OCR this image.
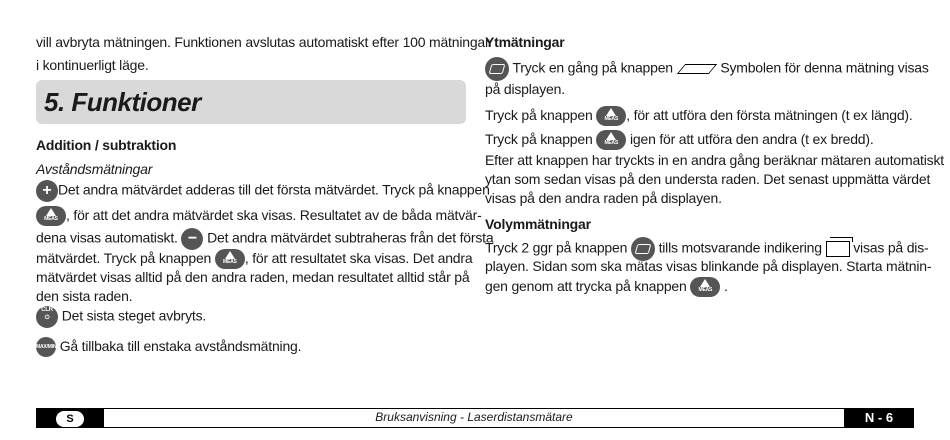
vill avbryta mätningen. Funktionen avslutas automatiskt efter 100 mätningar
i kontinuerligt läge.
5. Funktioner
Addition / subtraktion
Avståndsmätningar
+ Det andra mätvärdet adderas till det första mätvärdet. Tryck på knappen
MEAS , för att det andra mätvärdet ska visas. Resultatet av de båda mätvär-
dena visas automatiskt. − Det andra mätvärdet subtraheras från det första
mätvärdet. Tryck på knappen	MEAS , för att resultatet ska visas. Det andra
mätvärdet visas alltid på den andra raden, medan resultatet alltid står på
den sista raden.
CLR
⏻ Det sista steget avbryts.
MAX/MIN Gå tillbaka till enstaka avståndsmätning.
Ytmätningar
Tryck en gång på knappen	Symbolen för denna mätning visas
på displayen.
Tryck på knappen	MEAS , för att utföra den första mätningen (t ex längd).
Tryck på knappen	MEAS igen för att utföra den andra (t ex bredd).
Efter att knappen har tryckts in en andra gång beräknar mätaren automatiskt
ytan som sedan visas på den understa raden. Det senast uppmätta värdet
visas på den andra raden på displayen.
Volymmätningar
Tryck 2 ggr på knappen tills motsvarande indikering visas på dis-
playen. Sidan som ska mätas visas blinkande på displayen. Starta mätnin-
gen genom att trycka på knappen	MEAS .
S	Bruksanvisning - Laserdistansmätare	N - 6
